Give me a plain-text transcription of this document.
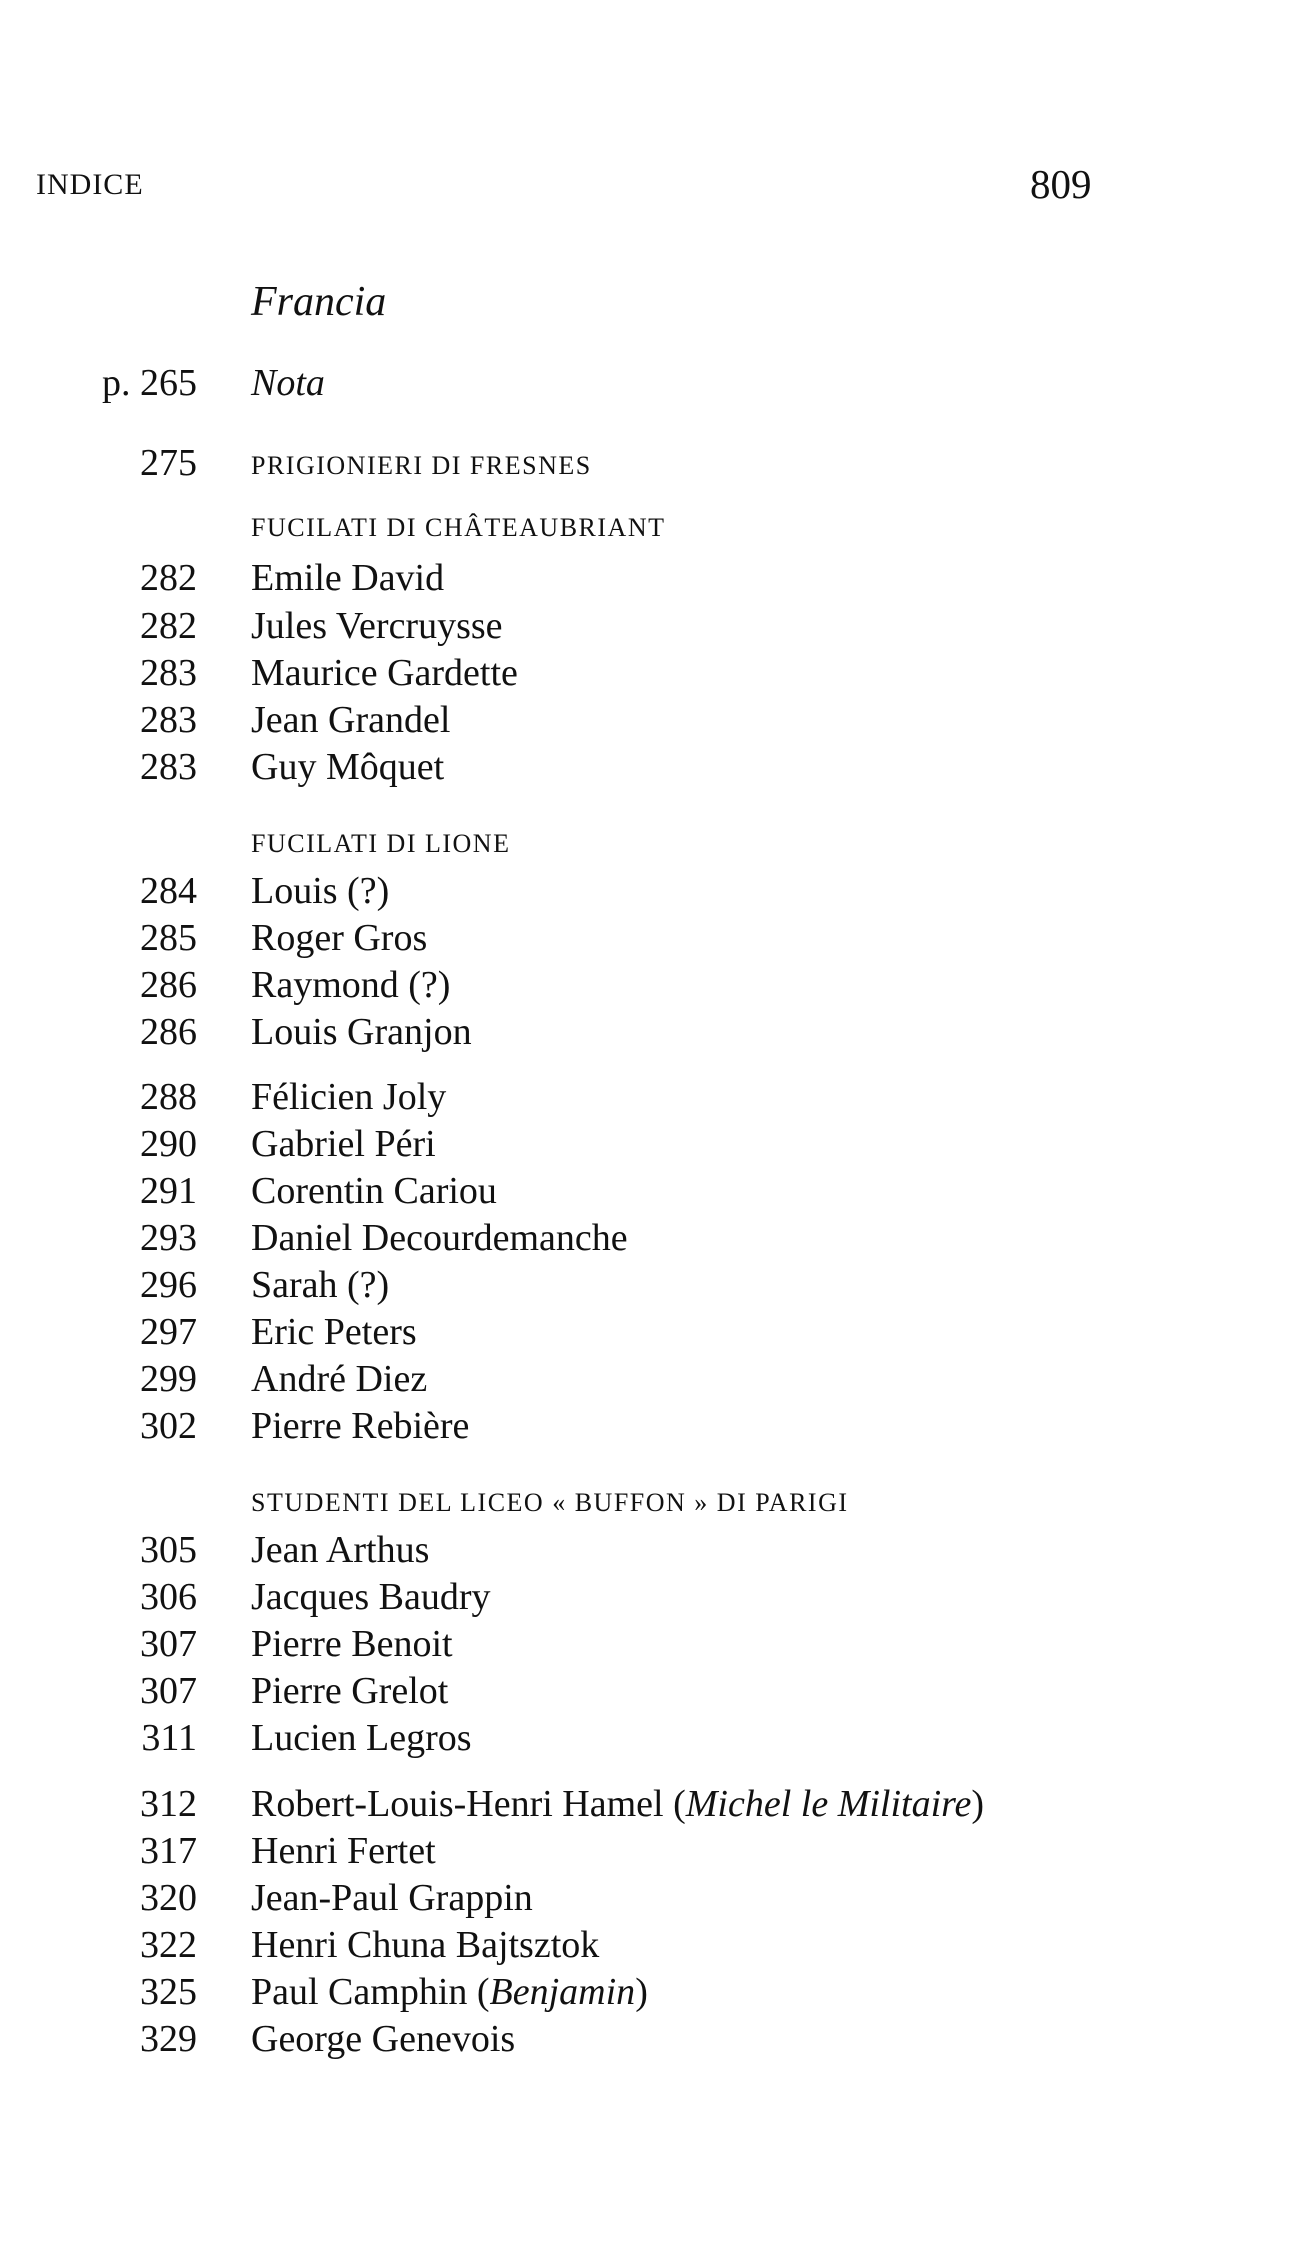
INDICE	809
Francia
p. 265 Nota
275 PRIGIONIERI DI FRESNES
FUCILATI DI CHÂTEAUBRIANT
282 Emile David
282 Jules Vercruysse
283 Maurice Gardette
283 Jean Grandel
283 Guy Môquet
FUCILATI DI LIONE
284 Louis (?)
285 Roger Gros
286 Raymond (?)
286 Louis Granjon
288 Félicien Joly
290 Gabriel Péri
291 Corentin Cariou
293 Daniel Decourdemanche
296 Sarah (?)
297 Eric Peters
299 André Diez
302 Pierre Rebière
STUDENTI DEL LICEO « BUFFON » DI PARIGI
305 Jean Arthus
306 Jacques Baudry
307 Pierre Benoit
307 Pierre Grelot
311 Lucien Legros
312 Robert-Louis-Henri Hamel (Michel le Militaire)
317 Henri Fertet
320 Jean-Paul Grappin
322 Henri Chuna Bajtsztok
325 Paul Camphin (Benjamin)
329 George Genevois
